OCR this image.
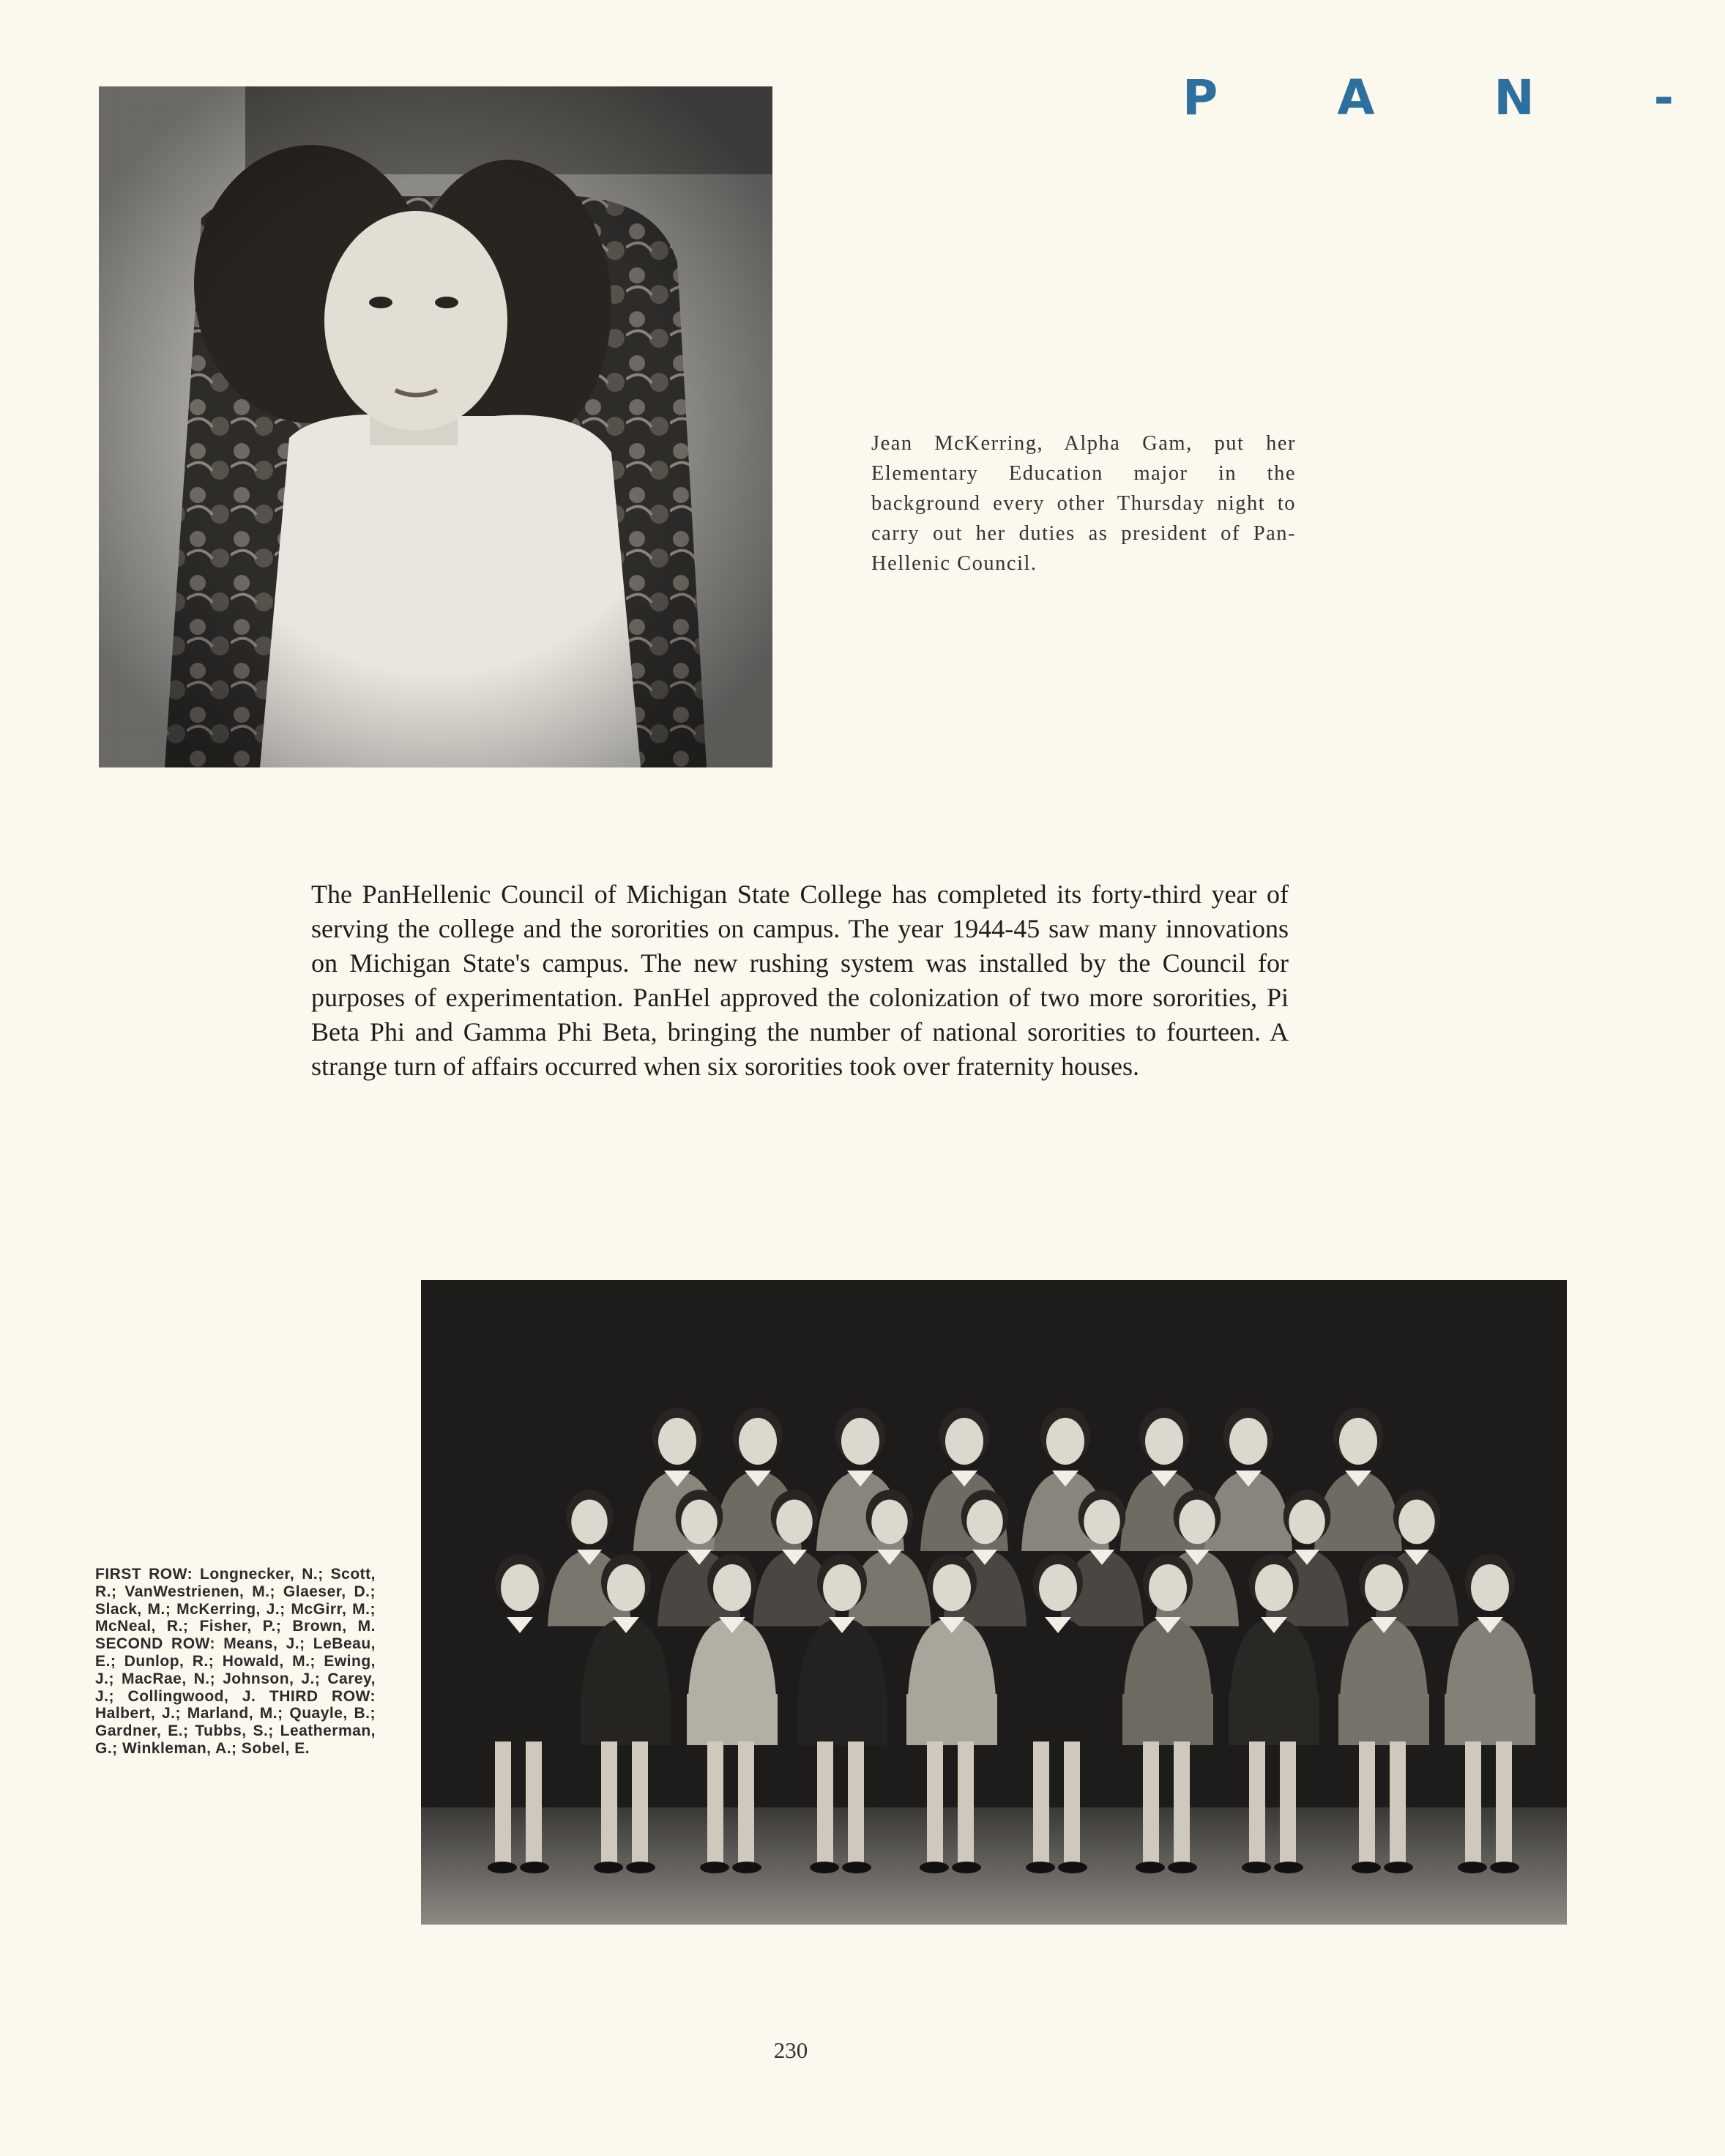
P A N -
Jean McKerring, Alpha Gam, put her Elementary Education major in the background every other Thursday night to carry out her duties as president of Pan-Hellenic Council.
The PanHellenic Council of Michigan State College has completed its forty-third year of serving the college and the sororities on campus. The year 1944-45 saw many innovations on Michigan State's campus. The new rushing system was installed by the Council for purposes of experimentation. PanHel approved the colonization of two more sororities, Pi Beta Phi and Gamma Phi Beta, bringing the number of national sororities to fourteen. A strange turn of affairs occurred when six sororities took over fraternity houses.
FIRST ROW: Longnecker, N.; Scott, R.; VanWestrienen, M.; Glaeser, D.; Slack, M.; McKerring, J.; McGirr, M.; McNeal, R.; Fisher, P.; Brown, M. SECOND ROW: Means, J.; LeBeau, E.; Dunlop, R.; Howald, M.; Ewing, J.; MacRae, N.; Johnson, J.; Carey, J.; Collingwood, J. THIRD ROW: Halbert, J.; Marland, M.; Quayle, B.; Gardner, E.; Tubbs, S.; Leatherman, G.; Winkleman, A.; Sobel, E.
230
